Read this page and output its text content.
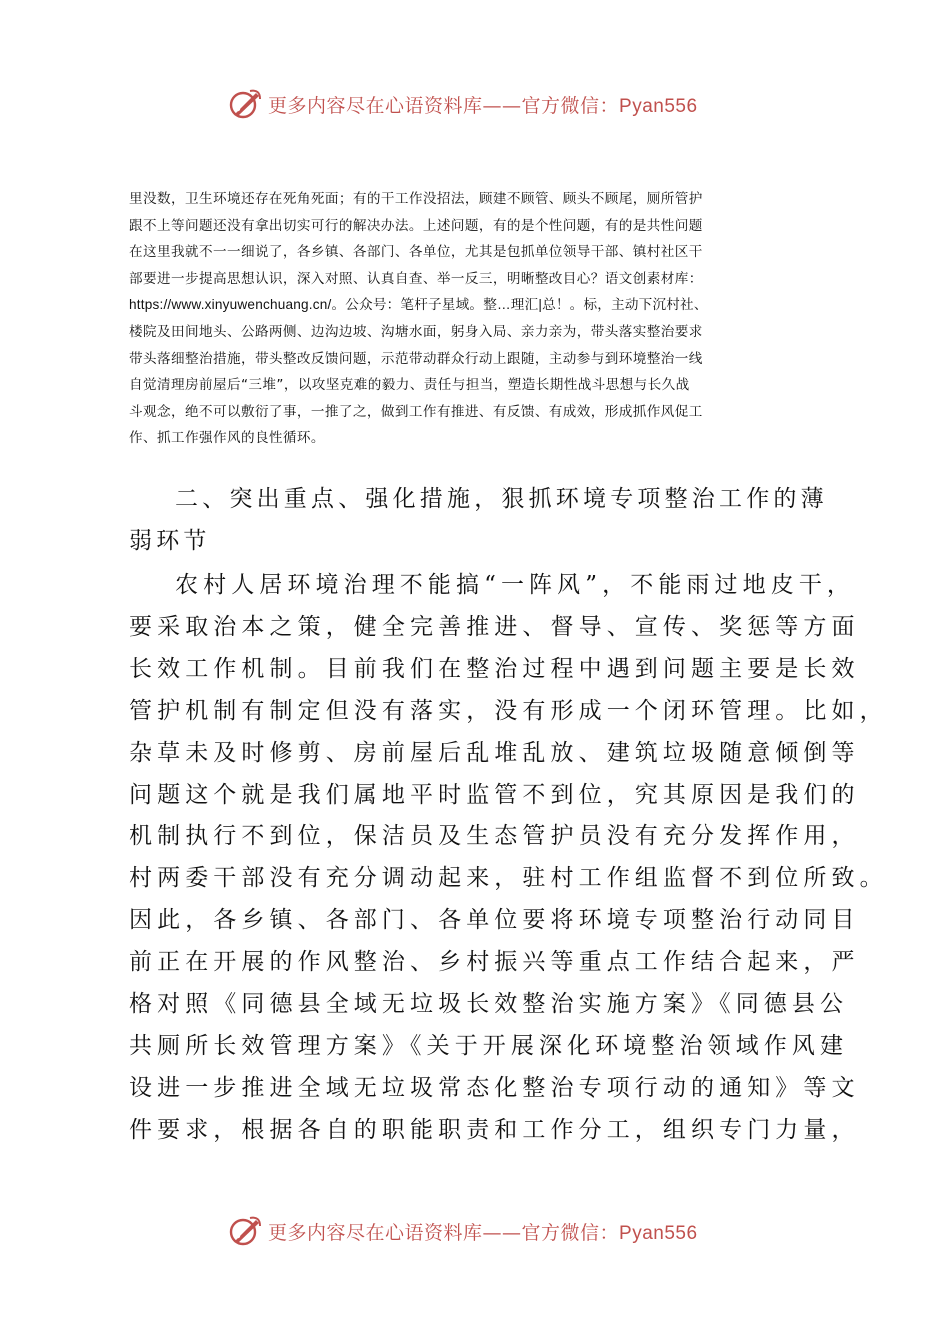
更多内容尽在心语资料库——官方微信：Pyan556

里没数，卫生环境还存在死角死面；有的干工作没招法，顾建不顾管、顾头不顾尾，厕所管护
跟不上等问题还没有拿出切实可行的解决办法。上述问题，有的是个性问题，有的是共性问题
在这里我就不一一细说了，各乡镇、各部门、各单位，尤其是包抓单位领导干部、镇村社区干
部要进一步提高思想认识，深入对照、认真自查、举一反三，明晰整改目心？语文创素材库：
https://www.xinyuwenchuang.cn/。公众号：笔杆子星域。整…理汇|总！。标，主动下沉村社、
楼院及田间地头、公路两侧、边沟边坡、沟塘水面，躬身入局、亲力亲为，带头落实整治要求
带头落细整治措施，带头整改反馈问题，示范带动群众行动上跟随，主动参与到环境整治一线
自觉清理房前屋后“三堆”，以攻坚克难的毅力、责任与担当，塑造长期性战斗思想与长久战
斗观念，绝不可以敷衍了事，一推了之，做到工作有推进、有反馈、有成效，形成抓作风促工
作、抓工作强作风的良性循环。

二、突出重点、强化措施，狠抓环境专项整治工作的薄
弱环节

农村人居环境治理不能搞“一阵风”，不能雨过地皮干，
要采取治本之策，健全完善推进、督导、宣传、奖惩等方面
长效工作机制。目前我们在整治过程中遇到问题主要是长效
管护机制有制定但没有落实，没有形成一个闭环管理。比如，
杂草未及时修剪、房前屋后乱堆乱放、建筑垃圾随意倾倒等
问题这个就是我们属地平时监管不到位，究其原因是我们的
机制执行不到位，保洁员及生态管护员没有充分发挥作用，
村两委干部没有充分调动起来，驻村工作组监督不到位所致。
因此，各乡镇、各部门、各单位要将环境专项整治行动同目
前正在开展的作风整治、乡村振兴等重点工作结合起来，严
格对照《同德县全域无垃圾长效整治实施方案》《同德县公
共厕所长效管理方案》《关于开展深化环境整治领域作风建
设进一步推进全域无垃圾常态化整治专项行动的通知》等文
件要求，根据各自的职能职责和工作分工，组织专门力量，

更多内容尽在心语资料库——官方微信：Pyan556
